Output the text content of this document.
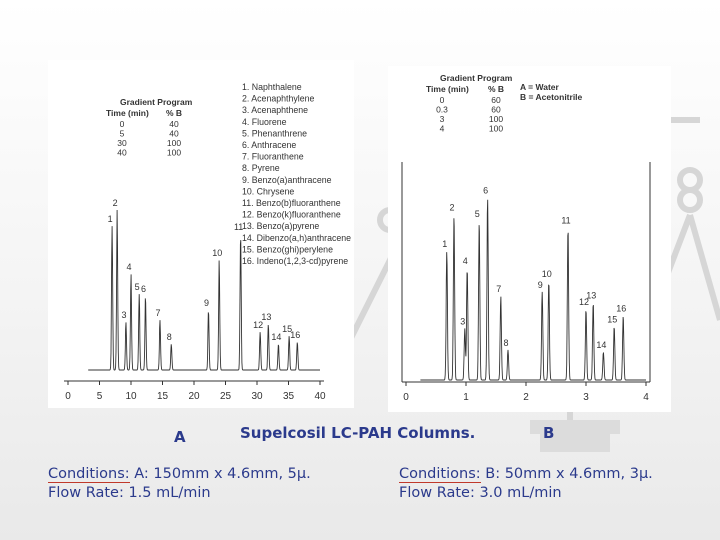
0	5 10 15 20 25 30 35 40
1
2
3
4
5 6
7
8
9
10
11
12
13
14
15
16
Gradient Program
Time (min) % B
0	40
5	40
30	100
40	100
1. Naphthalene
2. Acenaphthylene
3. Acenaphthene
4. Fluorene
5. Phenanthrene
6. Anthracene
7. Fluoranthene
8. Pyrene
9. Benzo(a)anthracene
10. Chrysene
11. Benzo(b)fluoranthene
12. Benzo(k)fluoranthene
13. Benzo(a)pyrene
14. Dibenzo(a,h)anthracene
15. Benzo(ghi)perylene
16. Indeno(1,2,3-cd)pyrene
0	1	2	3	4
1
2
3
4
5
6
7
8
9
10
11
12
13
14
15
16
Gradient Program
Time (min) % B
0	60
0.3	60
3	100
4	100
A = Water
B = Acetonitrile
A	Supelcosil LC-PAH Columns.	B
Conditions: A: 150mm x 4.6mm, 5μ.
Flow Rate: 1.5 mL/min
Conditions: B: 50mm x 4.6mm, 3μ.
Flow Rate: 3.0 mL/min
